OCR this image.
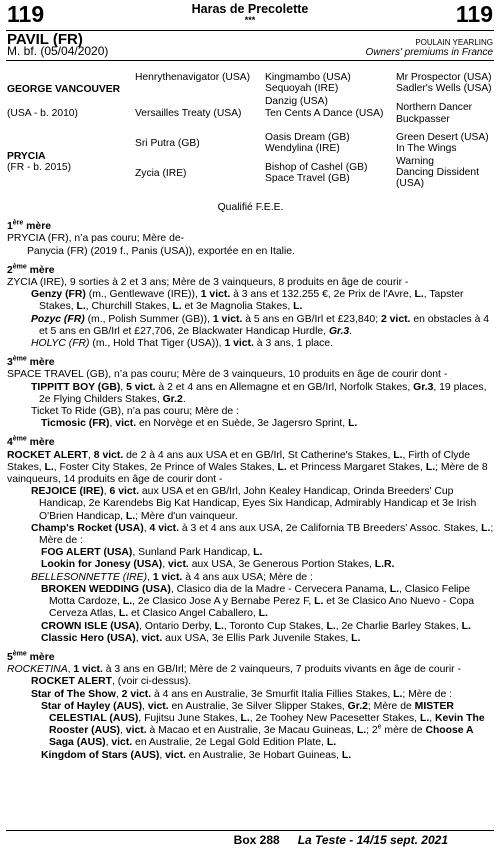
119	119
Haras de Precolette
***
PAVIL (FR)
M. bf. (05/04/2020)
POULAIN YEARLING
Owners' premiums in France
GEORGE VANCOUVER
(USA - b. 2010)
PRYCIA
(FR - b. 2015)
Henrythenavigator (USA)
Versailles Treaty (USA)
Sri Putra (GB)
Zycia (IRE)
Kingmambo (USA)
Sequoyah (IRE)
Danzig (USA)
Ten Cents A Dance (USA)
Oasis Dream (GB)
Wendylina (IRE)
Bishop of Cashel (GB)
Space Travel (GB)
Mr Prospector (USA)
Sadler's Wells (USA)
Northern Dancer
Buckpasser
Green Desert (USA)
In The Wings
Warning
Dancing Dissident (USA)

Qualifié F.E.E.

1ère mère

PRYCIA (FR), n’a pas couru; Mère de-

Panycia (FR) (2019 f., Panis (USA)), exportée en en Italie.

2ème mère

ZYCIA (IRE), 9 sorties à 2 et 3 ans; Mère de 3 vainqueurs, 8 produits en âge de courir -

Genzy (FR) (m., Gentlewave (IRE)), 1 vict. à 3 ans et 132.255 €, 2e Prix de l'Avre, L., Tapster Stakes, L., Churchill Stakes, L. et 3e Magnolia Stakes, L.

Pozyc (FR) (m., Polish Summer (GB)), 1 vict. à 5 ans en GB/Irl et £23,840; 2 vict. en obstacles à 4 et 5 ans en GB/Irl et £27,706, 2e Blackwater Handicap Hurdle, Gr.3.

HOLYC (FR) (m., Hold That Tiger (USA)), 1 vict. à 3 ans, 1 place.

3ème mère

SPACE TRAVEL (GB), n’a pas couru; Mère de 3 vainqueurs, 10 produits en âge de courir dont -

TIPPITT BOY (GB), 5 vict. à 2 et 4 ans en Allemagne et en GB/Irl, Norfolk Stakes, Gr.3, 19 places, 2e Flying Childers Stakes, Gr.2.

Ticket To Ride (GB), n’a pas couru; Mère de :

Ticmosic (FR), vict. en Norvège et en Suède, 3e Jagersro Sprint, L.

4ème mère

ROCKET ALERT, 8 vict. de 2 à 4 ans aux USA et en GB/Irl, St Catherine's Stakes, L., Firth of Clyde Stakes, L., Foster City Stakes, 2e Prince of Wales Stakes, L. et Princess Margaret Stakes, L.; Mère de 8 vainqueurs, 14 produits en âge de courir dont -

REJOICE (IRE), 6 vict. aux USA et en GB/Irl, John Kealey Handicap, Orinda Breeders' Cup Handicap, 2e Karendebs Big Kat Handicap, Eyes Six Handicap, Admirably Handicap et 3e Irish O'Brien Handicap, L.; Mère d'un vainqueur.

Champ's Rocket (USA), 4 vict. à 3 et 4 ans aux USA, 2e California TB Breeders' Assoc. Stakes, L.; Mère de :

FOG ALERT (USA), Sunland Park Handicap, L.

Lookin for Jonesy (USA), vict. aux USA, 3e Generous Portion Stakes, L.R.

BELLESONNETTE (IRE), 1 vict. à 4 ans aux USA; Mère de :

BROKEN WEDDING (USA), Clasico dia de la Madre - Cervecera Panama, L., Clasico Felipe Motta Cardoze, L., 2e Clasico Jose A y Bernabe Perez F, L. et 3e Clasico Ano Nuevo - Copa Cerveza Atlas, L. et Clasico Angel Caballero, L.

CROWN ISLE (USA), Ontario Derby, L., Toronto Cup Stakes, L., 2e Charlie Barley Stakes, L.

Classic Hero (USA), vict. aux USA, 3e Ellis Park Juvenile Stakes, L.

5ème mère

ROCKETINA, 1 vict. à 3 ans en GB/Irl; Mère de 2 vainqueurs, 7 produits vivants en âge de courir -

ROCKET ALERT, (voir ci-dessus).

Star of The Show, 2 vict. à 4 ans en Australie, 3e Smurfit Italia Fillies Stakes, L.; Mère de :

Star of Hayley (AUS), vict. en Australie, 3e Silver Slipper Stakes, Gr.2; Mère de MISTER CELESTIAL (AUS), Fujitsu June Stakes, L., 2e Toohey New Pacesetter Stakes, L., Kevin The Rooster (AUS), vict. à Macao et en Australie, 3e Macau Guineas, L.; 2e mère de Choose A Saga (AUS), vict. en Australie, 2e Legal Gold Edition Plate, L.

Kingdom of Stars (AUS), vict. en Australie, 3e Hobart Guineas, L.

Box 288 La Teste - 14/15 sept. 2021
